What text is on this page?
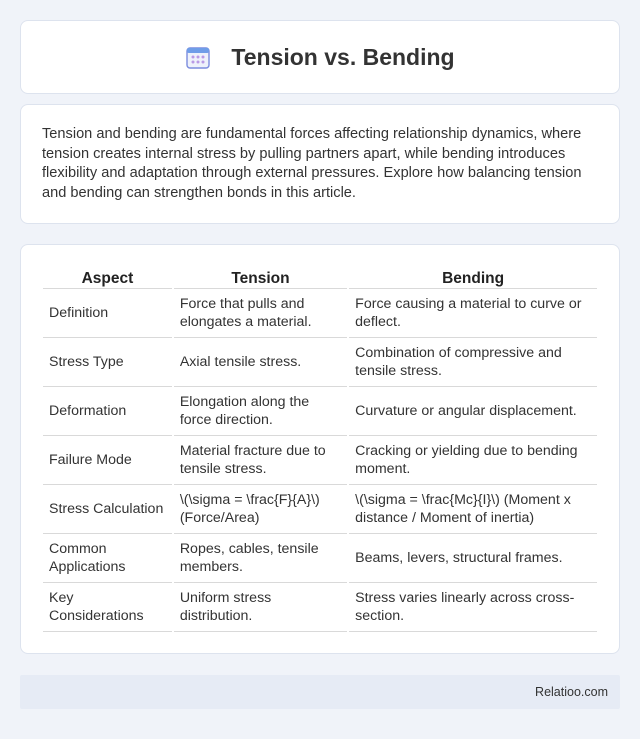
Tension vs. Bending

Tension and bending are fundamental forces affecting relationship dynamics, where tension creates internal stress by pulling partners apart, while bending introduces flexibility and adaptation through external pressures. Explore how balancing tension and bending can strengthen bonds in this article.

Aspect	Tension	Bending
Definition	Force that pulls and elongates a material.	Force causing a material to curve or deflect.
Stress Type	Axial tensile stress.	Combination of compressive and tensile stress.
Deformation	Elongation along the force direction.	Curvature or angular displacement.
Failure Mode	Material fracture due to tensile stress.	Cracking or yielding due to bending moment.
Stress Calculation	\(\sigma = \frac{F}{A}\) (Force/Area)	\(\sigma = \frac{Mc}{I}\) (Moment x distance / Moment of inertia)
Common Applications	Ropes, cables, tensile members.	Beams, levers, structural frames.
Key Considerations	Uniform stress distribution.	Stress varies linearly across cross-section.
Relatioo.com
